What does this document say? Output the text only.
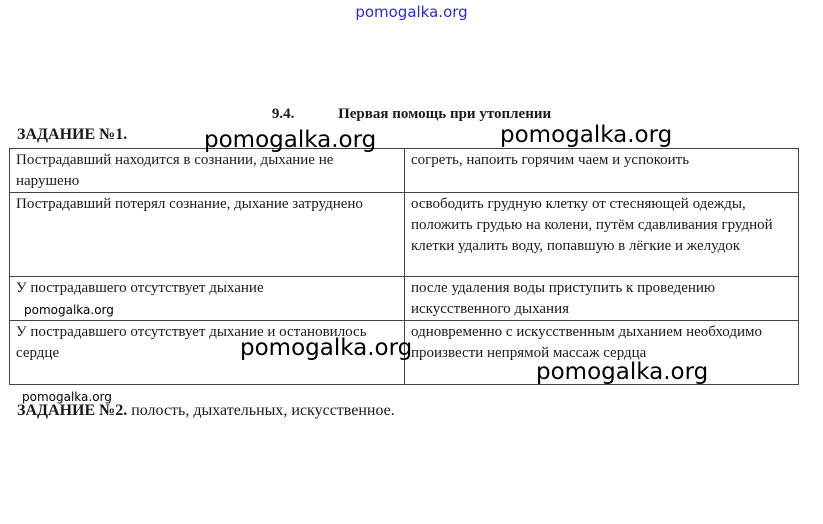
pomogalka.org
9.4.	Первая помощь при утоплении
ЗАДАНИЕ №1.
Пострадавший находится в сознании, дыхание не нарушено	согреть, напоить горячим чаем и успокоить
Пострадавший потерял сознание, дыхание затруднено	освободить грудную клетку от стесняющей одежды, положить грудью на колени, путём сдавливания грудной клетки удалить воду, попавшую в лёгкие и желудок
У пострадавшего отсутствует дыхание	после удаления воды приступить к проведению искусственного дыхания
У пострадавшего отсутствует дыхание и остановилось сердце	одновременно с искусственным дыханием необходимо произвести непрямой массаж сердца
ЗАДАНИЕ №2. полость, дыхательных, искусственное.
pomogalka.org	pomogalka.org
pomogalka.org
pomogalka.org
pomogalka.org
pomogalka.org
